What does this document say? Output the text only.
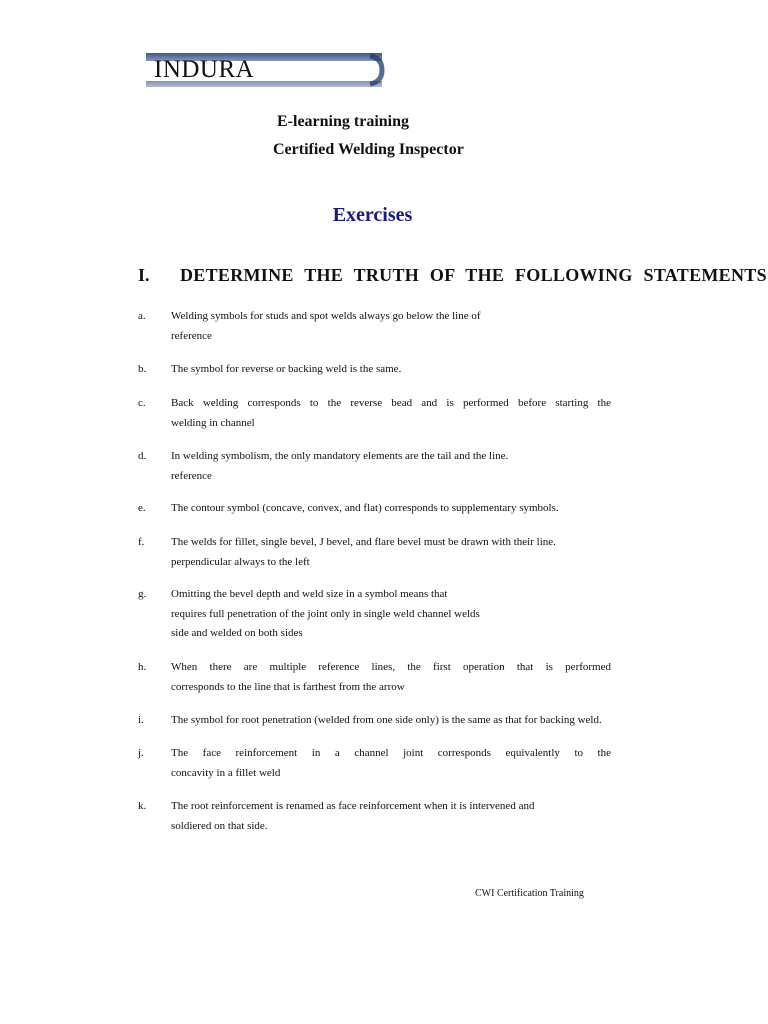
INDURA
E-learning training
Certified Welding Inspector
Exercises
I. DETERMINE THE TRUTH OF THE FOLLOWING STATEMENTS
a. Welding symbols for studs and spot welds always go below the line of
reference
b. The symbol for reverse or backing weld is the same.
c. Back welding corresponds to the reverse bead and is performed before starting the
welding in channel
d. In welding symbolism, the only mandatory elements are the tail and the line.
reference
e. The contour symbol (concave, convex, and flat) corresponds to supplementary symbols.
f. The welds for fillet, single bevel, J bevel, and flare bevel must be drawn with their line.
perpendicular always to the left
g. Omitting the bevel depth and weld size in a symbol means that
requires full penetration of the joint only in single weld channel welds
side and welded on both sides
h. When there are multiple reference lines, the first operation that is performed
corresponds to the line that is farthest from the arrow
i. The symbol for root penetration (welded from one side only) is the same as that for backing weld.
j. The face reinforcement in a channel joint corresponds equivalently to the
concavity in a fillet weld
k. The root reinforcement is renamed as face reinforcement when it is intervened and
soldiered on that side.
CWI Certification Training
